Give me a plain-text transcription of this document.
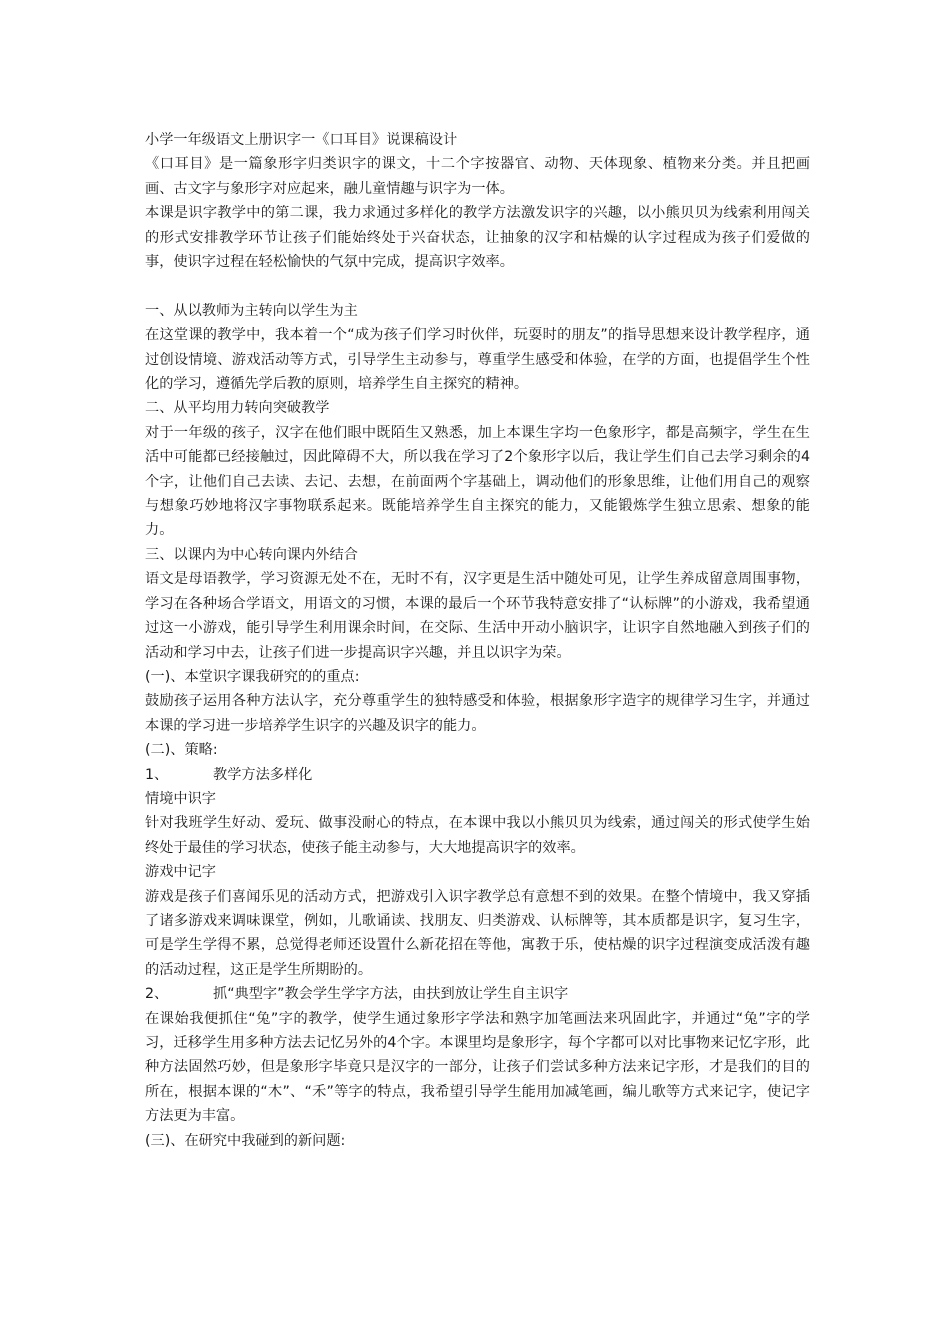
小学一年级语文上册识字一《口耳目》说课稿设计

《口耳目》是一篇象形字归类识字的课文，十二个字按器官、动物、天体现象、植物来分类。并且把画画、古文字与象形字对应起来，融儿童情趣与识字为一体。

本课是识字教学中的第二课，我力求通过多样化的教学方法激发识字的兴趣，以小熊贝贝为线索利用闯关的形式安排教学环节让孩子们能始终处于兴奋状态，让抽象的汉字和枯燥的认字过程成为孩子们爱做的事，使识字过程在轻松愉快的气氛中完成，提高识字效率。

一、从以教师为主转向以学生为主

在这堂课的教学中，我本着一个“成为孩子们学习时伙伴，玩耍时的朋友”的指导思想来设计教学程序，通过创设情境、游戏活动等方式，引导学生主动参与，尊重学生感受和体验，在学的方面，也提倡学生个性化的学习，遵循先学后教的原则，培养学生自主探究的精神。

二、从平均用力转向突破教学

对于一年级的孩子，汉字在他们眼中既陌生又熟悉，加上本课生字均一色象形字，都是高频字，学生在生活中可能都已经接触过，因此障碍不大，所以我在学习了2个象形字以后，我让学生们自己去学习剩余的4个字，让他们自己去读、去记、去想，在前面两个字基础上，调动他们的形象思维，让他们用自己的观察与想象巧妙地将汉字事物联系起来。既能培养学生自主探究的能力，又能锻炼学生独立思索、想象的能力。

三、以课内为中心转向课内外结合

语文是母语教学，学习资源无处不在，无时不有，汉字更是生活中随处可见，让学生养成留意周围事物，学习在各种场合学语文，用语文的习惯，本课的最后一个环节我特意安排了“认标牌”的小游戏，我希望通过这一小游戏，能引导学生利用课余时间，在交际、生活中开动小脑识字，让识字自然地融入到孩子们的活动和学习中去，让孩子们进一步提高识字兴趣，并且以识字为荣。

(一)、本堂识字课我研究的的重点:

鼓励孩子运用各种方法认字，充分尊重学生的独特感受和体验，根据象形字造字的规律学习生字，并通过本课的学习进一步培养学生识字的兴趣及识字的能力。

(二)、策略:

1、	教学方法多样化

情境中识字

针对我班学生好动、爱玩、做事没耐心的特点，在本课中我以小熊贝贝为线索，通过闯关的形式使学生始终处于最佳的学习状态，使孩子能主动参与，大大地提高识字的效率。

游戏中记字

游戏是孩子们喜闻乐见的活动方式，把游戏引入识字教学总有意想不到的效果。在整个情境中，我又穿插了诸多游戏来调味课堂，例如，儿歌诵读、找朋友、归类游戏、认标牌等，其本质都是识字，复习生字，可是学生学得不累，总觉得老师还设置什么新花招在等他，寓教于乐，使枯燥的识字过程演变成活泼有趣的活动过程，这正是学生所期盼的。

2、	抓“典型字”教会学生学字方法，由扶到放让学生自主识字

在课始我便抓住“兔”字的教学，使学生通过象形字学法和熟字加笔画法来巩固此字，并通过“兔”字的学习，迁移学生用多种方法去记忆另外的4个字。本课里均是象形字，每个字都可以对比事物来记忆字形，此种方法固然巧妙，但是象形字毕竟只是汉字的一部分，让孩子们尝试多种方法来记字形，才是我们的目的所在，根据本课的“木”、“禾”等字的特点，我希望引导学生能用加减笔画，编儿歌等方式来记字，使记字方法更为丰富。

(三)、在研究中我碰到的新问题:
